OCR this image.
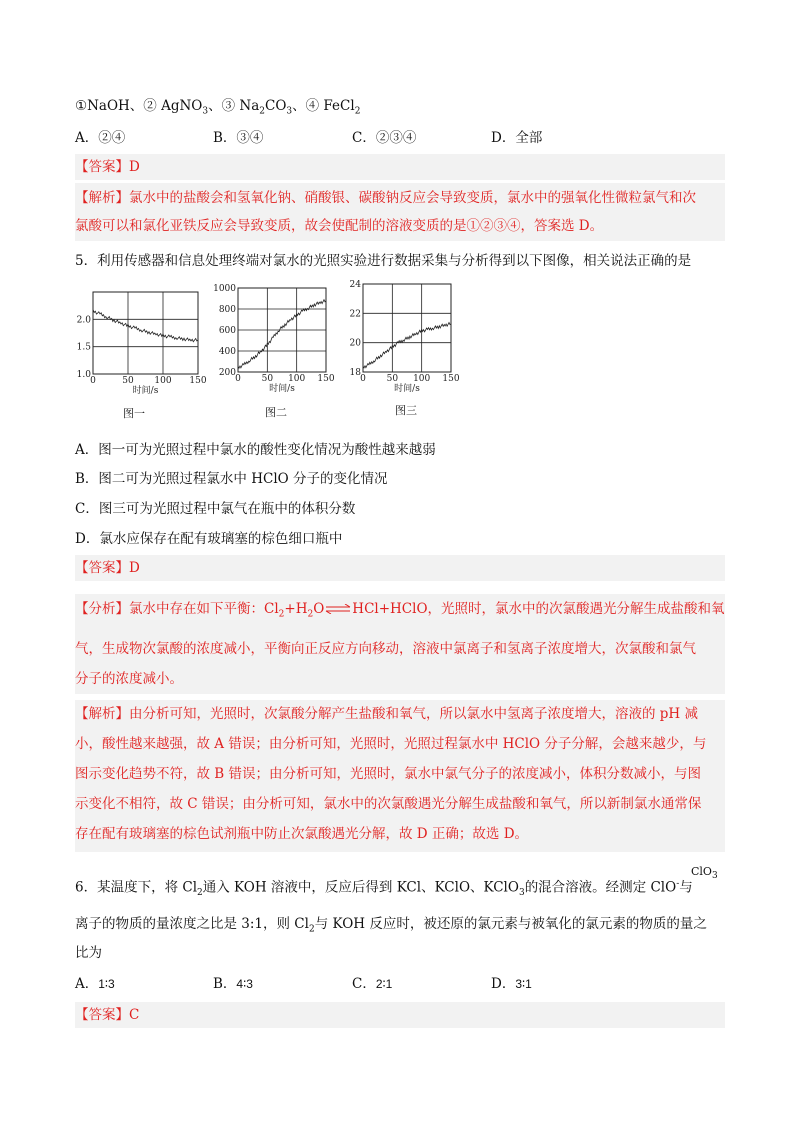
①NaOH、② AgNO$_3$、③ $Na_2CO_3$、④ FeCl$_2$
A．②④	B．③④	C．②③④	D．全部
【答案】D
【解析】氯水中的盐酸会和氢氧化钠、硝酸银、碳酸钠反应会导致变质，氯水中的强氧化性微粒氯气和次
氯酸可以和氯化亚铁反应会导致变质，故会使配制的溶液变质的是①②③④，答案选 D。
5．利用传感器和信息处理终端对氯水的光照实验进行数据采集与分析得到以下图像，相关说法正确的是
0	50 100 150
1.0
1.5
2.0
时间/s
0 50 100 150
200
400
600
800
1000
时间/s
0 50 100 150
18
20
22
24
时间/s
图一	图二	图三
A．图一可为光照过程中氯水的酸性变化情况为酸性越来越弱
B．图二可为光照过程氯水中 HClO 分子的变化情况
C．图三可为光照过程中氯气在瓶中的体积分数
D．氯水应保存在配有玻璃塞的棕色细口瓶中
【答案】D
【分析】氯水中存在如下平衡：$Cl_2+H_2O\rightleftharpoons HCl+HClO$，光照时，氯水中的次氯酸遇光分解生成盐酸和氧
气，生成物次氯酸的浓度减小，平衡向正反应方向移动，溶液中氯离子和氢离子浓度增大，次氯酸和氯气
分子的浓度减小。
【解析】由分析可知，光照时，次氯酸分解产生盐酸和氧气，所以氯水中氢离子浓度增大，溶液的 pH 减
小，酸性越来越强，故 A 错误；由分析可知，光照时，光照过程氯水中 HClO 分子分解，会越来越少，与
图示变化趋势不符，故 B 错误；由分析可知，光照时，氯水中氯气分子的浓度减小，体积分数减小，与图
示变化不相符，故 C 错误；由分析可知，氯水中的次氯酸遇光分解生成盐酸和氧气，所以新制氯水通常保
存在配有玻璃塞的棕色试剂瓶中防止次氯酸遇光分解，故 D 正确；故选 D。
ClO$_3$
6．某温度下，将 $Cl_2$通入 KOH 溶液中，反应后得到 KCl、KClO、KClO$_3$的混合溶液。经测定 ClO-与
离子的物质的量浓度之比是 3:1，则 $Cl_2$与 KOH 反应时，被还原的氯元素与被氧化的氯元素的物质的量之
比为
A．1∶3	B．4∶3	C．2∶1	D．3∶1
【答案】C
